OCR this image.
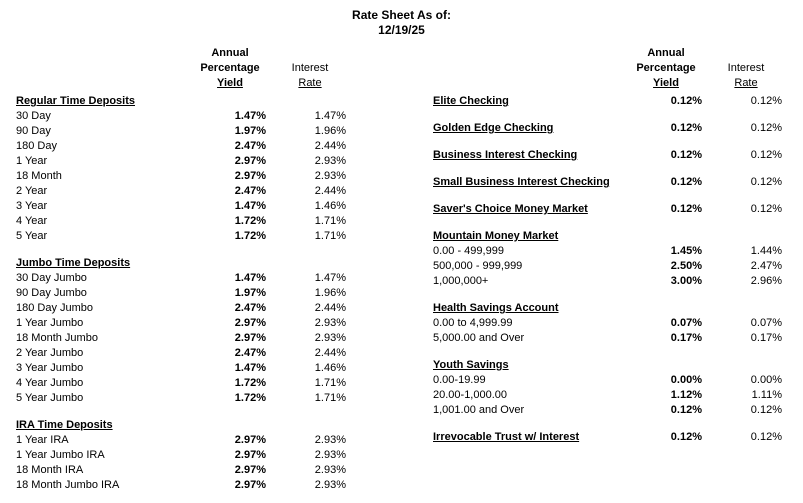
Rate Sheet As of:
12/19/25
Annual
Percentage
Yield
Interest
Rate
Regular Time Deposits
30 Day	1.47%	1.47%
90 Day	1.97%	1.96%
180 Day	2.47%	2.44%
1 Year	2.97%	2.93%
18 Month	2.97%	2.93%
2 Year	2.47%	2.44%
3 Year	1.47%	1.46%
4 Year	1.72%	1.71%
5 Year	1.72%	1.71%
Jumbo Time Deposits
30 Day Jumbo	1.47%	1.47%
90 Day Jumbo	1.97%	1.96%
180 Day Jumbo	2.47%	2.44%
1 Year Jumbo	2.97%	2.93%
18 Month Jumbo	2.97%	2.93%
2 Year Jumbo	2.47%	2.44%
3 Year Jumbo	1.47%	1.46%
4 Year Jumbo	1.72%	1.71%
5 Year Jumbo	1.72%	1.71%
IRA Time Deposits
1 Year IRA	2.97%	2.93%
1 Year Jumbo IRA	2.97%	2.93%
18 Month IRA	2.97%	2.93%
18 Month Jumbo IRA	2.97%	2.93%
Annual
Percentage
Yield
Interest
Rate
Elite Checking	0.12%	0.12%
Golden Edge Checking	0.12%	0.12%
Business Interest Checking	0.12%	0.12%
Small Business Interest Checking	0.12%	0.12%
Saver's Choice Money Market	0.12%	0.12%
Mountain Money Market
0.00 - 499,999	1.45%	1.44%
500,000 - 999,999	2.50%	2.47%
1,000,000+	3.00%	2.96%
Health Savings Account
0.00 to 4,999.99	0.07%	0.07%
5,000.00 and Over	0.17%	0.17%
Youth Savings
0.00-19.99	0.00%	0.00%
20.00-1,000.00	1.12%	1.11%
1,001.00 and Over	0.12%	0.12%
Irrevocable Trust w/ Interest	0.12%	0.12%
